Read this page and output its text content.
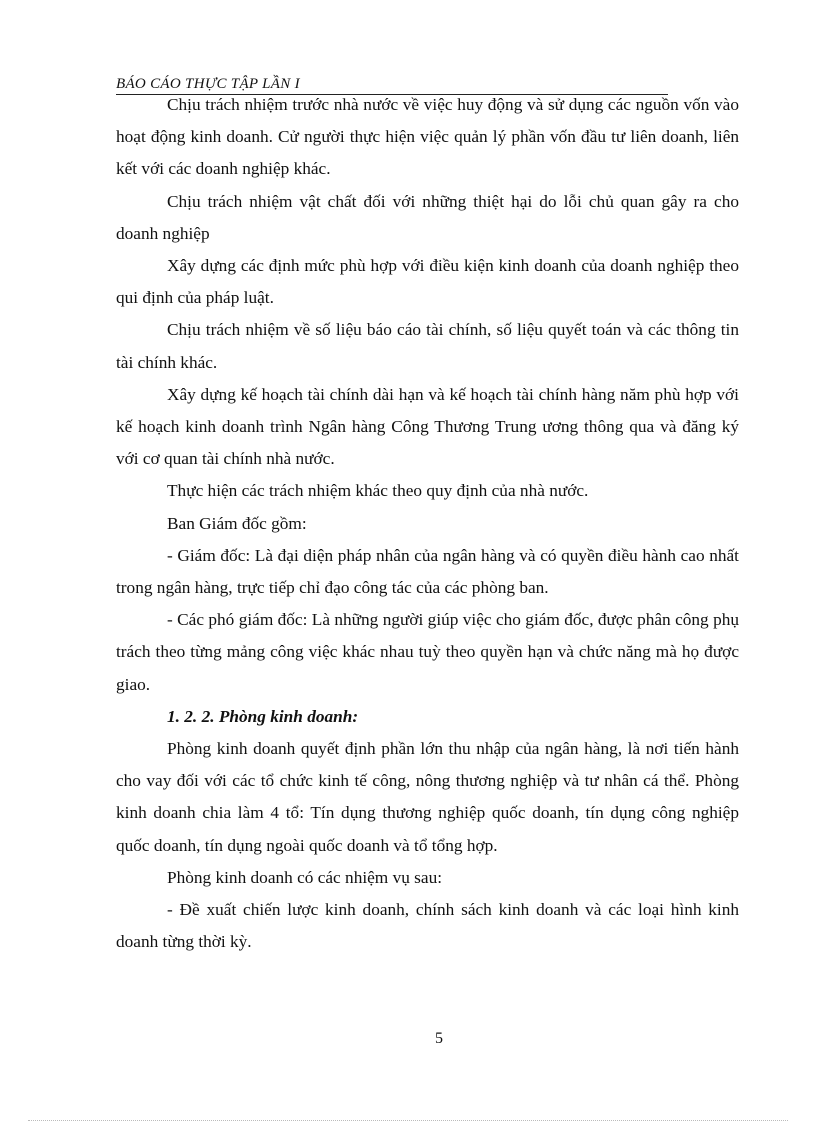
BÁO CÁO THỰC TẬP LẦN I

Chịu trách nhiệm trước nhà nước về việc huy động và sử dụng các nguồn vốn vào hoạt động kinh doanh. Cử người thực hiện việc quản lý phần vốn đầu tư liên doanh, liên kết với các doanh nghiệp khác.

Chịu trách nhiệm vật chất đối với những thiệt hại do lỗi chủ quan gây ra cho doanh nghiệp

Xây dựng các định mức phù hợp với điều kiện kinh doanh của doanh nghiệp theo qui định của pháp luật.

Chịu trách nhiệm về số liệu báo cáo tài chính, số liệu quyết toán và các thông tin tài chính khác.

Xây dựng kế hoạch tài chính dài hạn và kế hoạch tài chính hàng năm phù hợp với kế hoạch kinh doanh trình Ngân hàng Công Thương Trung ương thông qua và đăng ký với cơ quan tài chính nhà nước.

Thực hiện các trách nhiệm khác theo quy định của nhà nước.

Ban Giám đốc gồm:

- Giám đốc: Là đại diện pháp nhân của ngân hàng và có quyền điều hành cao nhất trong ngân hàng, trực tiếp chỉ đạo công tác của các phòng ban.

- Các phó giám đốc: Là những người giúp việc cho giám đốc, được phân công phụ trách theo từng mảng công việc khác nhau tuỳ theo quyền hạn và chức năng mà họ được giao.

1. 2. 2. Phòng kinh doanh:

Phòng kinh doanh quyết định phần lớn thu nhập của ngân hàng, là nơi tiến hành cho vay đối với các tổ chức kinh tế công, nông thương nghiệp và tư nhân cá thể. Phòng kinh doanh chia làm 4 tổ: Tín dụng thương nghiệp quốc doanh, tín dụng công nghiệp quốc doanh, tín dụng ngoài quốc doanh và tổ tổng hợp.

Phòng kinh doanh có các nhiệm vụ sau:

- Đề xuất chiến lược kinh doanh, chính sách kinh doanh và các loại hình kinh doanh từng thời kỳ.

5
